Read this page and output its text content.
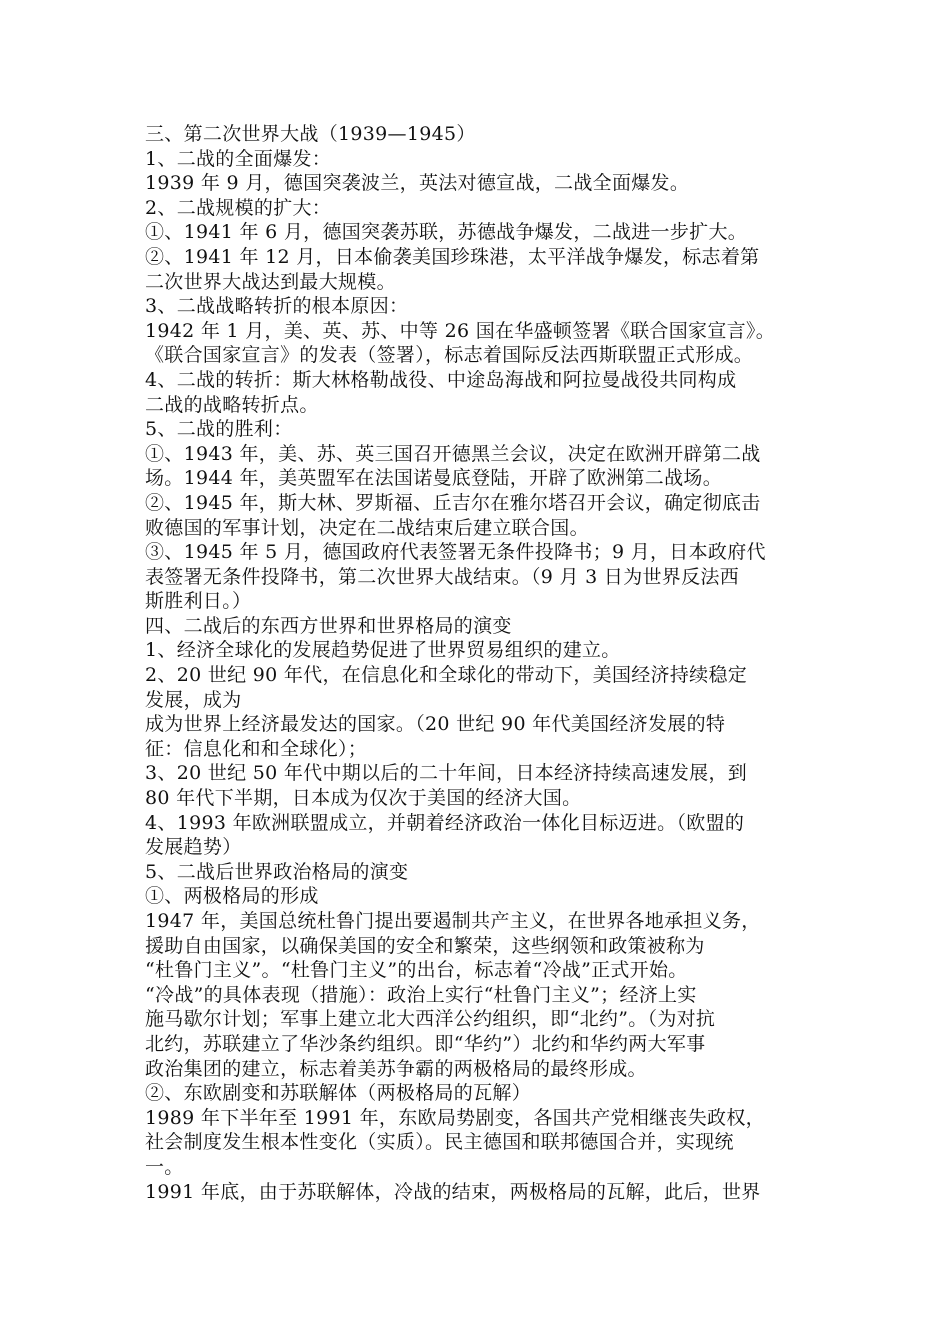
三、第二次世界大战（1939—1945）
1、二战的全面爆发：
1939 年 9 月，德国突袭波兰，英法对德宣战，二战全面爆发。
2、二战规模的扩大：
①、1941 年 6 月，德国突袭苏联，苏德战争爆发，二战进一步扩大。
②、1941 年 12 月，日本偷袭美国珍珠港，太平洋战争爆发，标志着第
二次世界大战达到最大规模。
3、二战战略转折的根本原因：
1942 年 1 月，美、英、苏、中等 26 国在华盛顿签署《联合国家宣言》。
《联合国家宣言》的发表（签署），标志着国际反法西斯联盟正式形成。
4、二战的转折：斯大林格勒战役、中途岛海战和阿拉曼战役共同构成
二战的战略转折点。
5、二战的胜利：
①、1943 年，美、苏、英三国召开德黑兰会议，决定在欧洲开辟第二战
场。1944 年，美英盟军在法国诺曼底登陆，开辟了欧洲第二战场。
②、1945 年，斯大林、罗斯福、丘吉尔在雅尔塔召开会议，确定彻底击
败德国的军事计划，决定在二战结束后建立联合国。
③、1945 年 5 月，德国政府代表签署无条件投降书；9 月，日本政府代
表签署无条件投降书，第二次世界大战结束。（9 月 3 日为世界反法西
斯胜利日。）
四、二战后的东西方世界和世界格局的演变
1、经济全球化的发展趋势促进了世界贸易组织的建立。
2、20 世纪 90 年代，在信息化和全球化的带动下，美国经济持续稳定
发展，成为
成为世界上经济最发达的国家。（20 世纪 90 年代美国经济发展的特
征：信息化和和全球化）；
3、20 世纪 50 年代中期以后的二十年间，日本经济持续高速发展，到
80 年代下半期，日本成为仅次于美国的经济大国。
4、1993 年欧洲联盟成立，并朝着经济政治一体化目标迈进。（欧盟的
发展趋势）
5、二战后世界政治格局的演变
①、两极格局的形成
1947 年，美国总统杜鲁门提出要遏制共产主义，在世界各地承担义务，
援助自由国家，以确保美国的安全和繁荣，这些纲领和政策被称为
“杜鲁门主义”。“杜鲁门主义”的出台，标志着“冷战”正式开始。
“冷战”的具体表现（措施）：政治上实行“杜鲁门主义”；经济上实
施马歇尔计划；军事上建立北大西洋公约组织，即“北约”。（为对抗
北约，苏联建立了华沙条约组织。即“华约”）北约和华约两大军事
政治集团的建立，标志着美苏争霸的两极格局的最终形成。
②、东欧剧变和苏联解体（两极格局的瓦解）
1989 年下半年至 1991 年，东欧局势剧变，各国共产党相继丧失政权，
社会制度发生根本性变化（实质）。民主德国和联邦德国合并，实现统
一。
1991 年底，由于苏联解体，冷战的结束，两极格局的瓦解，此后，世界
